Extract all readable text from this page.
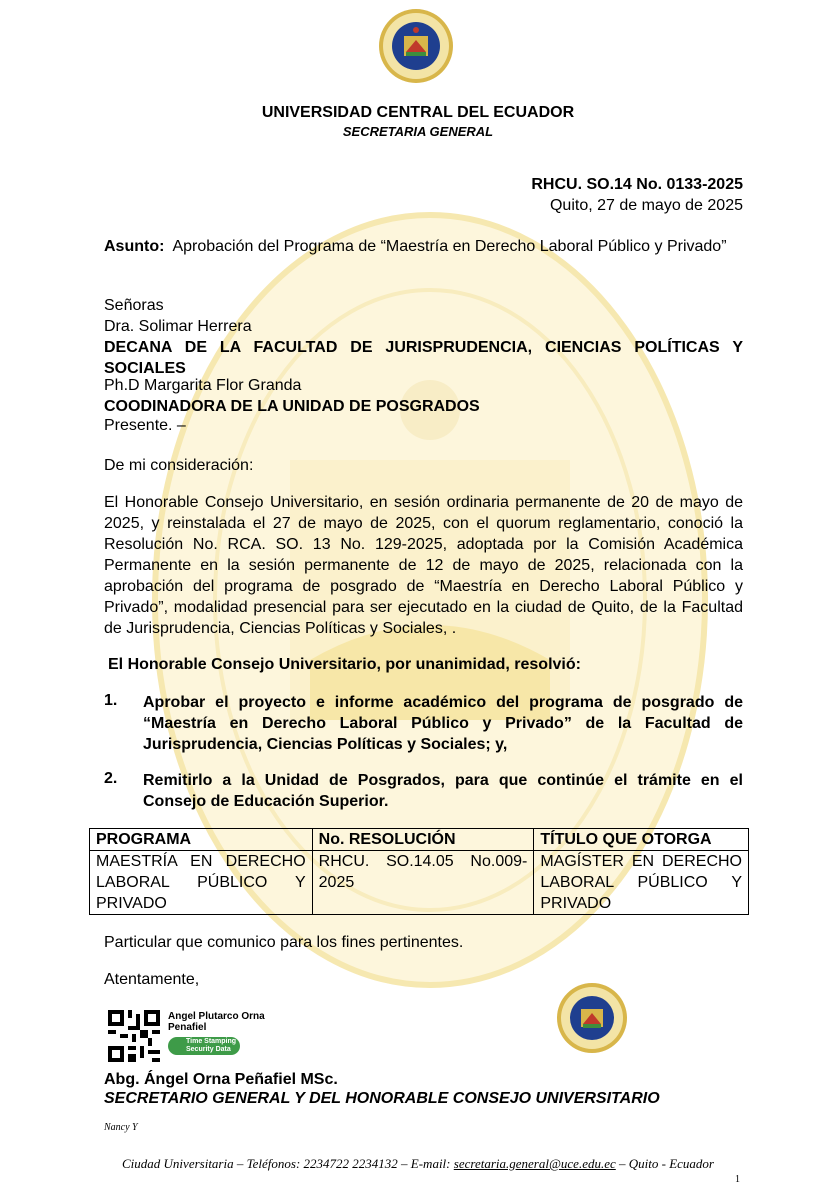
UNIVERSIDAD CENTRAL DEL ECUADOR
SECRETARIA GENERAL
RHCU. SO.14 No. 0133-2025
Quito, 27 de mayo de 2025
Asunto: Aprobación del Programa de “Maestría en Derecho Laboral Público y Privado”
Señoras
Dra. Solimar Herrera
DECANA DE LA FACULTAD DE JURISPRUDENCIA, CIENCIAS POLÍTICAS Y SOCIALES
Ph.D Margarita Flor Granda
COODINADORA DE LA UNIDAD DE POSGRADOS
Presente. –
De mi consideración:
El Honorable Consejo Universitario, en sesión ordinaria permanente de 20 de mayo de 2025, y reinstalada el 27 de mayo de 2025, con el quorum reglamentario, conoció la Resolución No. RCA. SO. 13 No. 129-2025, adoptada por la Comisión Académica Permanente en la sesión permanente de 12 de mayo de 2025, relacionada con la aprobación del programa de posgrado de “Maestría en Derecho Laboral Público y Privado”, modalidad presencial para ser ejecutado en la ciudad de Quito, de la Facultad de Jurisprudencia, Ciencias Políticas y Sociales, .
El Honorable Consejo Universitario, por unanimidad, resolvió:
1. Aprobar el proyecto e informe académico del programa de posgrado de “Maestría en Derecho Laboral Público y Privado” de la Facultad de Jurisprudencia, Ciencias Políticas y Sociales; y,
2. Remitirlo a la Unidad de Posgrados, para que continúe el trámite en el Consejo de Educación Superior.
PROGRAMA	No. RESOLUCIÓN	TÍTULO QUE OTORGA
MAESTRÍA EN DERECHO LABORAL PÚBLICO Y PRIVADO	RHCU. SO.14.05 No.009-2025	MAGÍSTER EN DERECHO LABORAL PÚBLICO Y PRIVADO
Particular que comunico para los fines pertinentes.
Atentamente,
Angel Plutarco Orna Penafiel
Time Stamping
Security Data
Abg. Ángel Orna Peñafiel MSc.
SECRETARIO GENERAL Y DEL HONORABLE CONSEJO UNIVERSITARIO
Nancy Y
Ciudad Universitaria – Teléfonos: 2234722 2234132 – E-mail: secretaria.general@uce.edu.ec – Quito - Ecuador
1
